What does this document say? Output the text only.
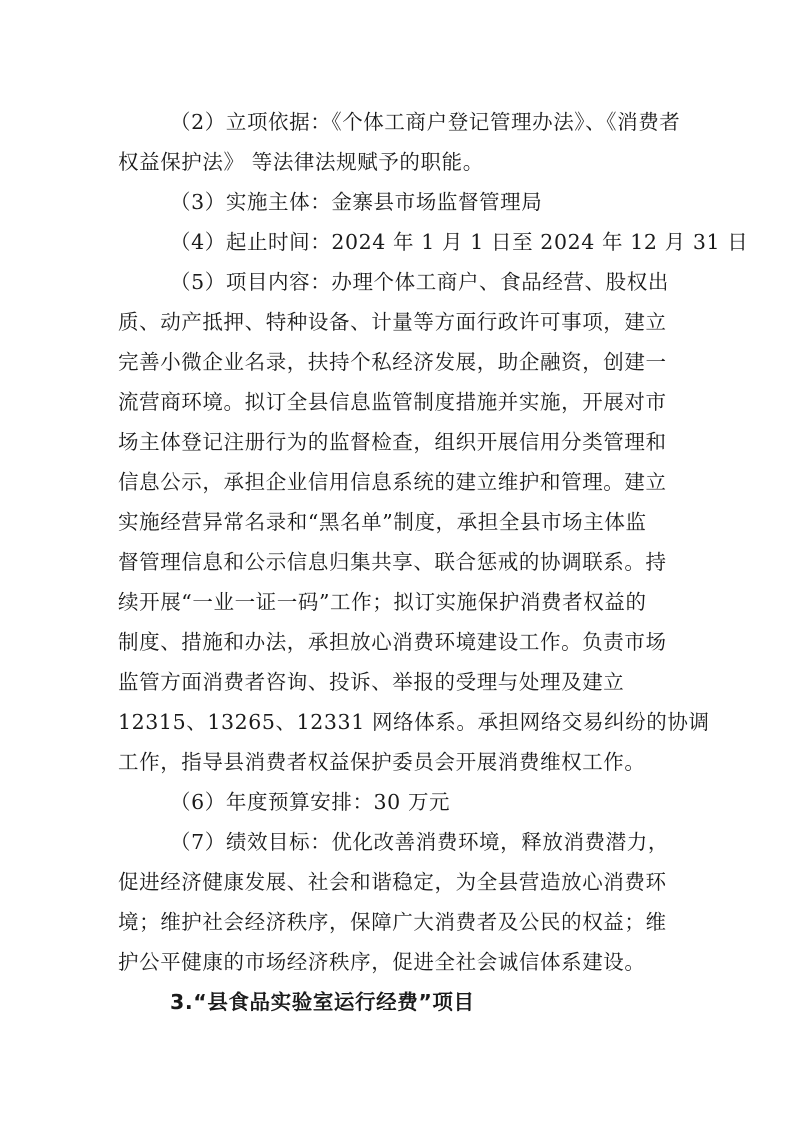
（2）立项依据：《个体工商户登记管理办法》、《消费者
权益保护法》 等法律法规赋予的职能。
（3）实施主体：金寨县市场监督管理局
（4）起止时间：2024 年 1 月 1 日至 2024 年 12 月 31 日
（5）项目内容：办理个体工商户、食品经营、股权出
质、动产抵押、特种设备、计量等方面行政许可事项，建立
完善小微企业名录，扶持个私经济发展，助企融资，创建一
流营商环境。拟订全县信息监管制度措施并实施，开展对市
场主体登记注册行为的监督检查，组织开展信用分类管理和
信息公示，承担企业信用信息系统的建立维护和管理。建立
实施经营异常名录和“黑名单”制度，承担全县市场主体监
督管理信息和公示信息归集共享、联合惩戒的协调联系。持
续开展“一业一证一码”工作；拟订实施保护消费者权益的
制度、措施和办法，承担放心消费环境建设工作。负责市场
监管方面消费者咨询、投诉、举报的受理与处理及建立
12315、13265、12331 网络体系。承担网络交易纠纷的协调
工作，指导县消费者权益保护委员会开展消费维权工作。
（6）年度预算安排：30 万元
（7）绩效目标：优化改善消费环境，释放消费潜力，
促进经济健康发展、社会和谐稳定，为全县营造放心消费环
境；维护社会经济秩序，保障广大消费者及公民的权益；维
护公平健康的市场经济秩序，促进全社会诚信体系建设。
3.“县食品实验室运行经费”项目
